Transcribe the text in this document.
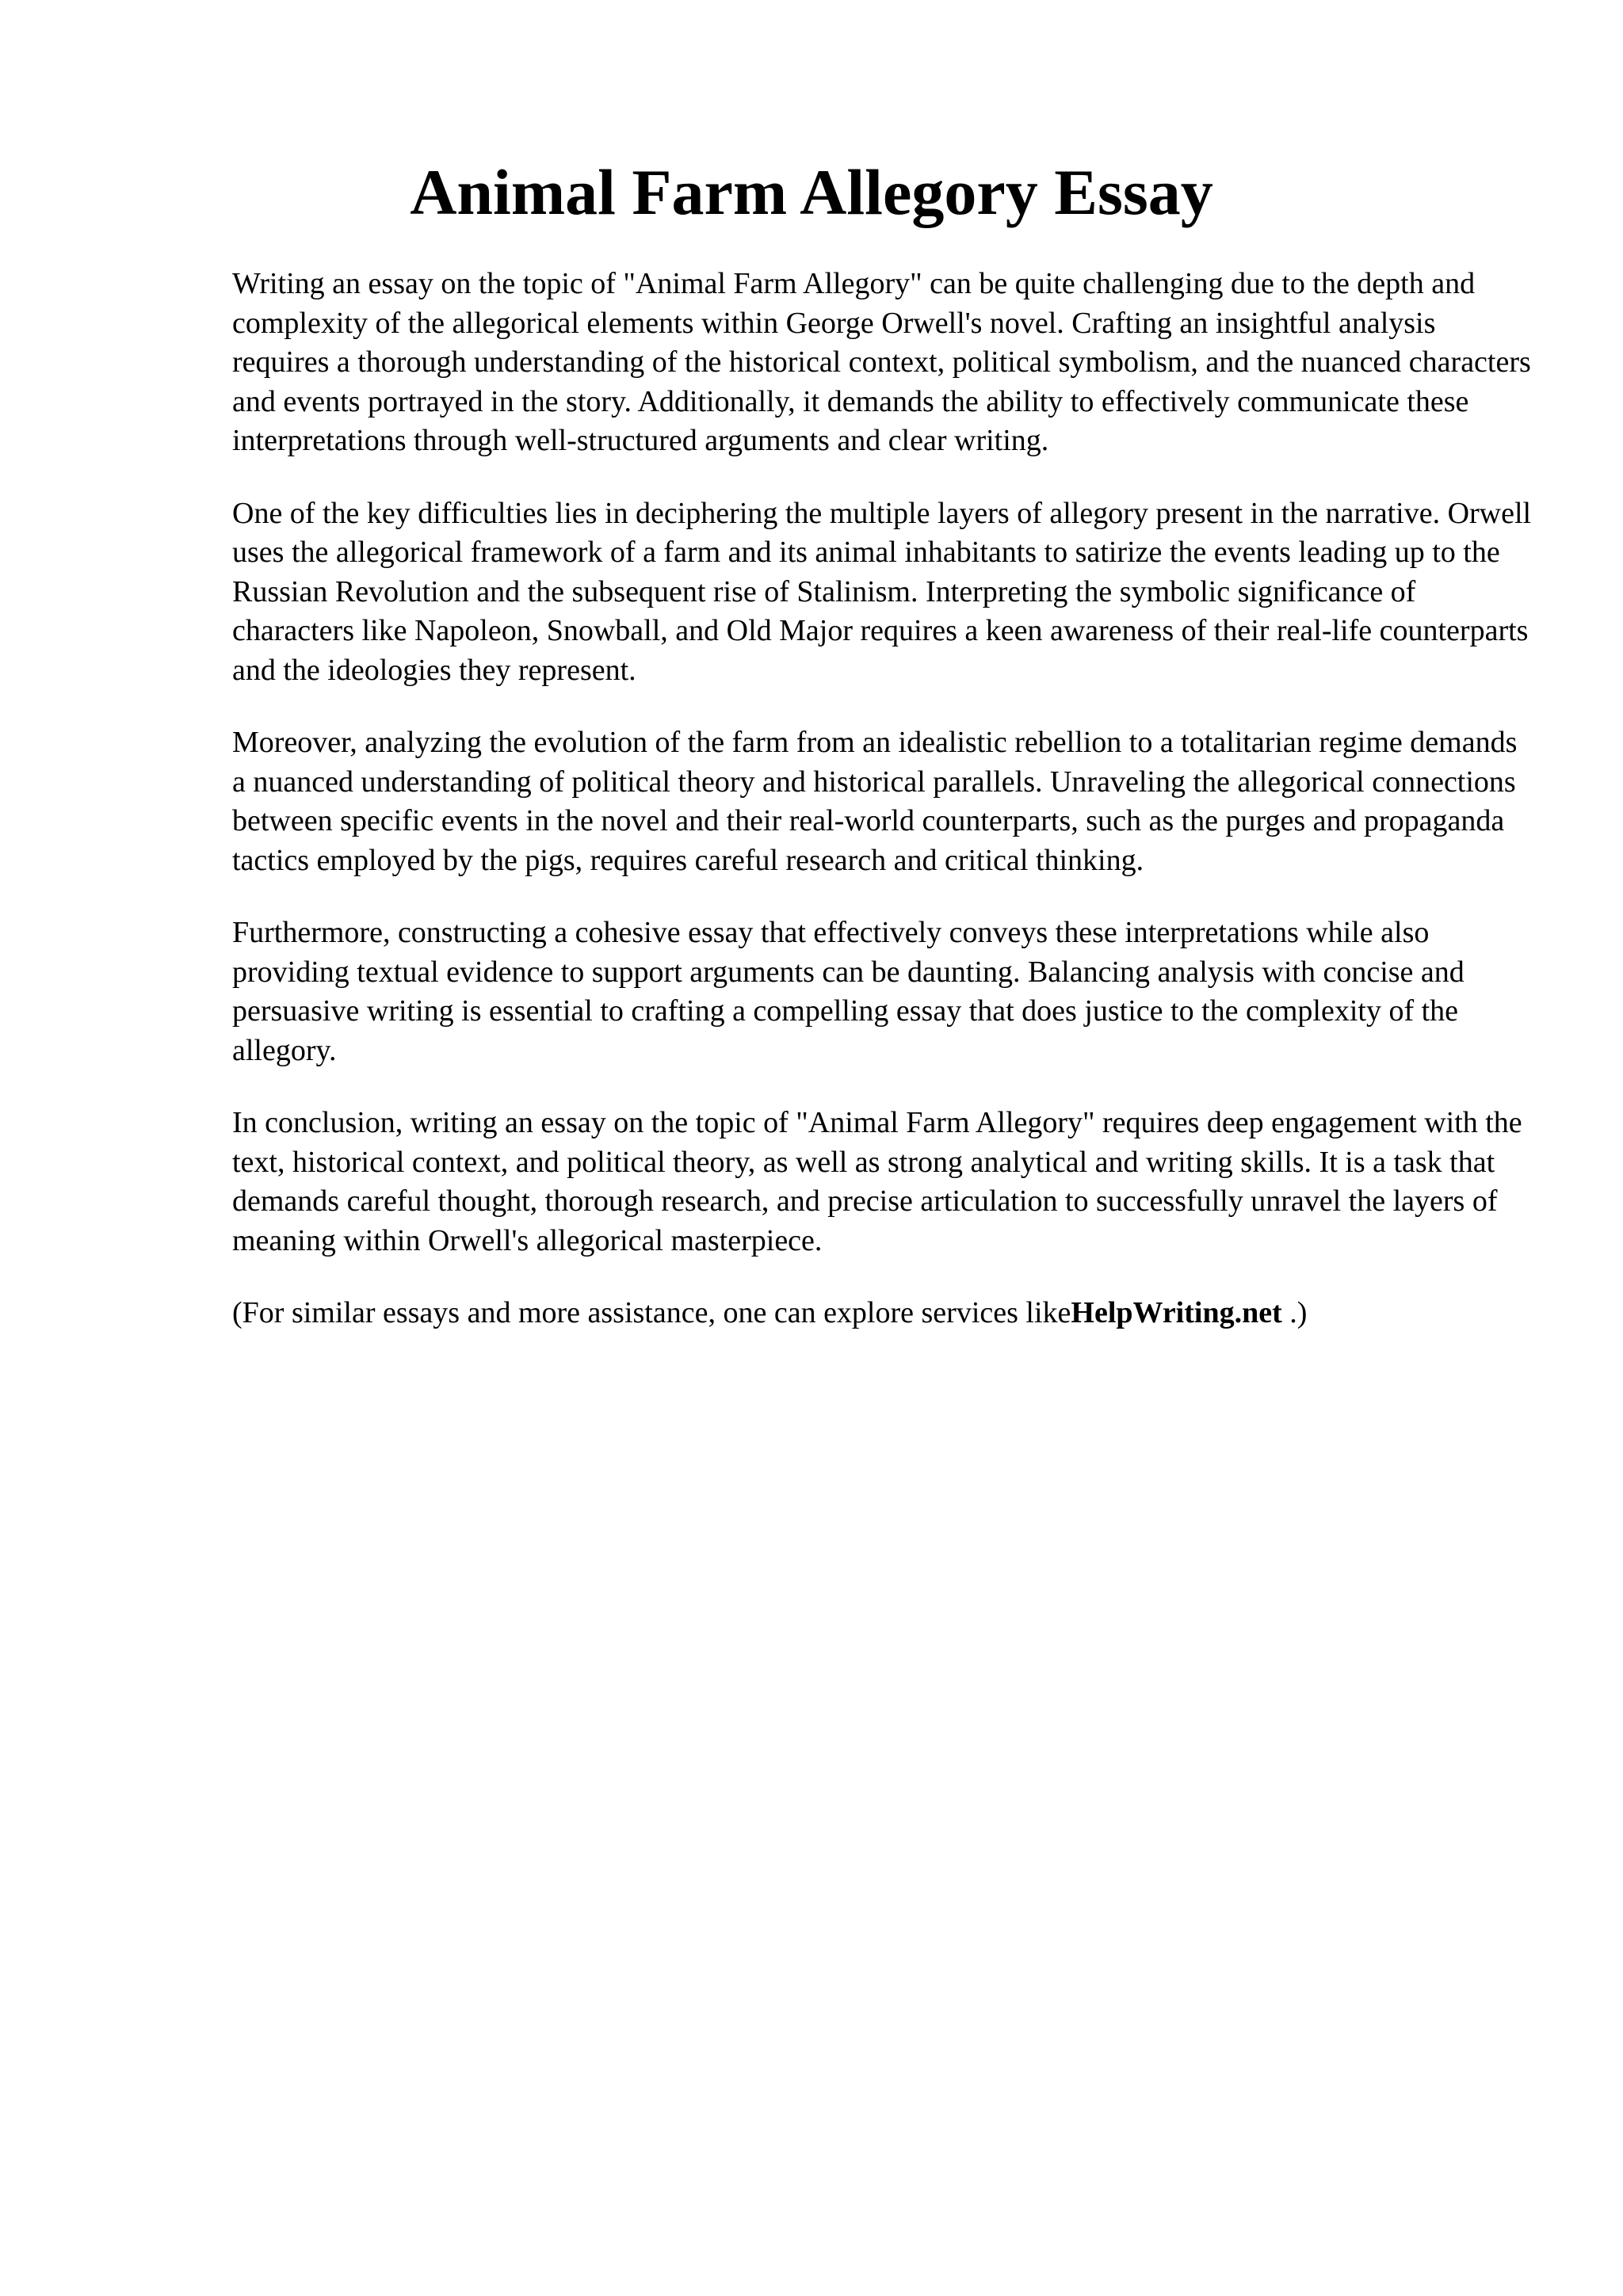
Animal Farm Allegory Essay

Writing an essay on the topic of "Animal Farm Allegory" can be quite challenging due to the depth and complexity of the allegorical elements within George Orwell's novel. Crafting an insightful analysis requires a thorough understanding of the historical context, political symbolism, and the nuanced characters and events portrayed in the story. Additionally, it demands the ability to effectively communicate these interpretations through well-structured arguments and clear writing.

One of the key difficulties lies in deciphering the multiple layers of allegory present in the narrative. Orwell uses the allegorical framework of a farm and its animal inhabitants to satirize the events leading up to the Russian Revolution and the subsequent rise of Stalinism. Interpreting the symbolic significance of characters like Napoleon, Snowball, and Old Major requires a keen awareness of their real-life counterparts and the ideologies they represent.

Moreover, analyzing the evolution of the farm from an idealistic rebellion to a totalitarian regime demands a nuanced understanding of political theory and historical parallels. Unraveling the allegorical connections between specific events in the novel and their real-world counterparts, such as the purges and propaganda tactics employed by the pigs, requires careful research and critical thinking.

Furthermore, constructing a cohesive essay that effectively conveys these interpretations while also providing textual evidence to support arguments can be daunting. Balancing analysis with concise and persuasive writing is essential to crafting a compelling essay that does justice to the complexity of the allegory.

In conclusion, writing an essay on the topic of "Animal Farm Allegory" requires deep engagement with the text, historical context, and political theory, as well as strong analytical and writing skills. It is a task that demands careful thought, thorough research, and precise articulation to successfully unravel the layers of meaning within Orwell's allegorical masterpiece.

(For similar essays and more assistance, one can explore services likeHelpWriting.net .)
